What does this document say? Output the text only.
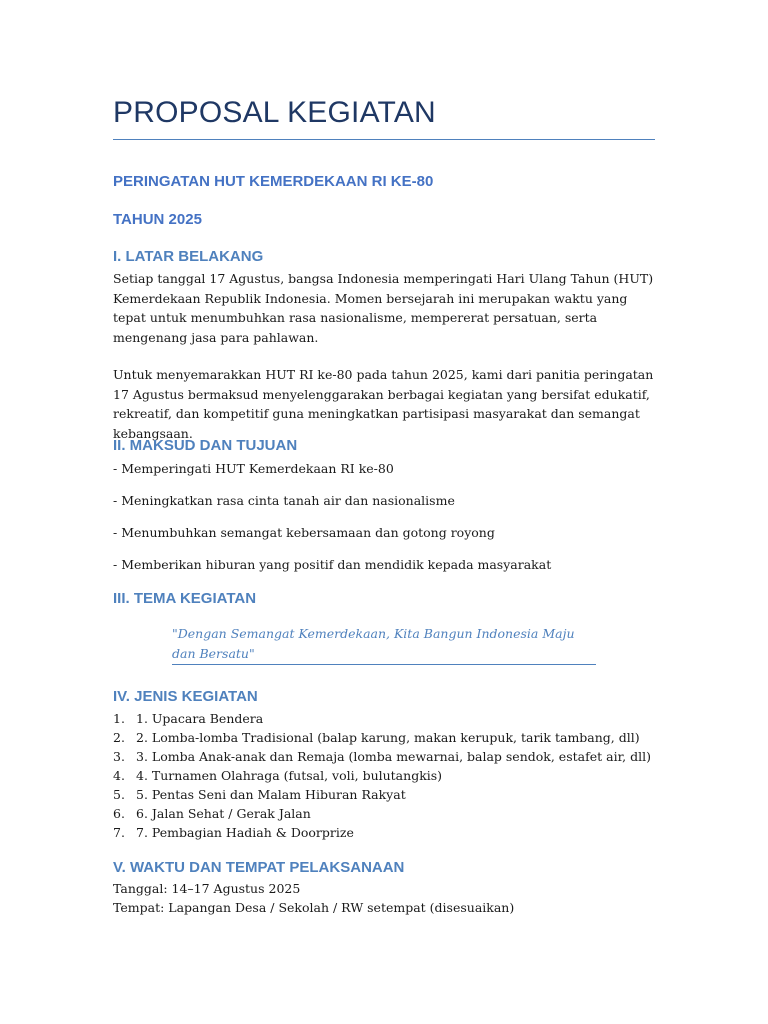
PROPOSAL KEGIATAN
PERINGATAN HUT KEMERDEKAAN RI KE-80
TAHUN 2025
I. LATAR BELAKANG
Setiap tanggal 17 Agustus, bangsa Indonesia memperingati Hari Ulang Tahun (HUT) Kemerdekaan Republik Indonesia. Momen bersejarah ini merupakan waktu yang tepat untuk menumbuhkan rasa nasionalisme, mempererat persatuan, serta mengenang jasa para pahlawan.
Untuk menyemarakkan HUT RI ke-80 pada tahun 2025, kami dari panitia peringatan 17 Agustus bermaksud menyelenggarakan berbagai kegiatan yang bersifat edukatif, rekreatif, dan kompetitif guna meningkatkan partisipasi masyarakat dan semangat kebangsaan.
II. MAKSUD DAN TUJUAN
- Memperingati HUT Kemerdekaan RI ke-80
- Meningkatkan rasa cinta tanah air dan nasionalisme
- Menumbuhkan semangat kebersamaan dan gotong royong
- Memberikan hiburan yang positif dan mendidik kepada masyarakat
III. TEMA KEGIATAN
"Dengan Semangat Kemerdekaan, Kita Bangun Indonesia Maju dan Bersatu"
IV. JENIS KEGIATAN
1. 1. Upacara Bendera
2. 2. Lomba-lomba Tradisional (balap karung, makan kerupuk, tarik tambang, dll)
3. 3. Lomba Anak-anak dan Remaja (lomba mewarnai, balap sendok, estafet air, dll)
4. 4. Turnamen Olahraga (futsal, voli, bulutangkis)
5. 5. Pentas Seni dan Malam Hiburan Rakyat
6. 6. Jalan Sehat / Gerak Jalan
7. 7. Pembagian Hadiah & Doorprize
V. WAKTU DAN TEMPAT PELAKSANAAN
Tanggal: 14–17 Agustus 2025
Tempat: Lapangan Desa / Sekolah / RW setempat (disesuaikan)
